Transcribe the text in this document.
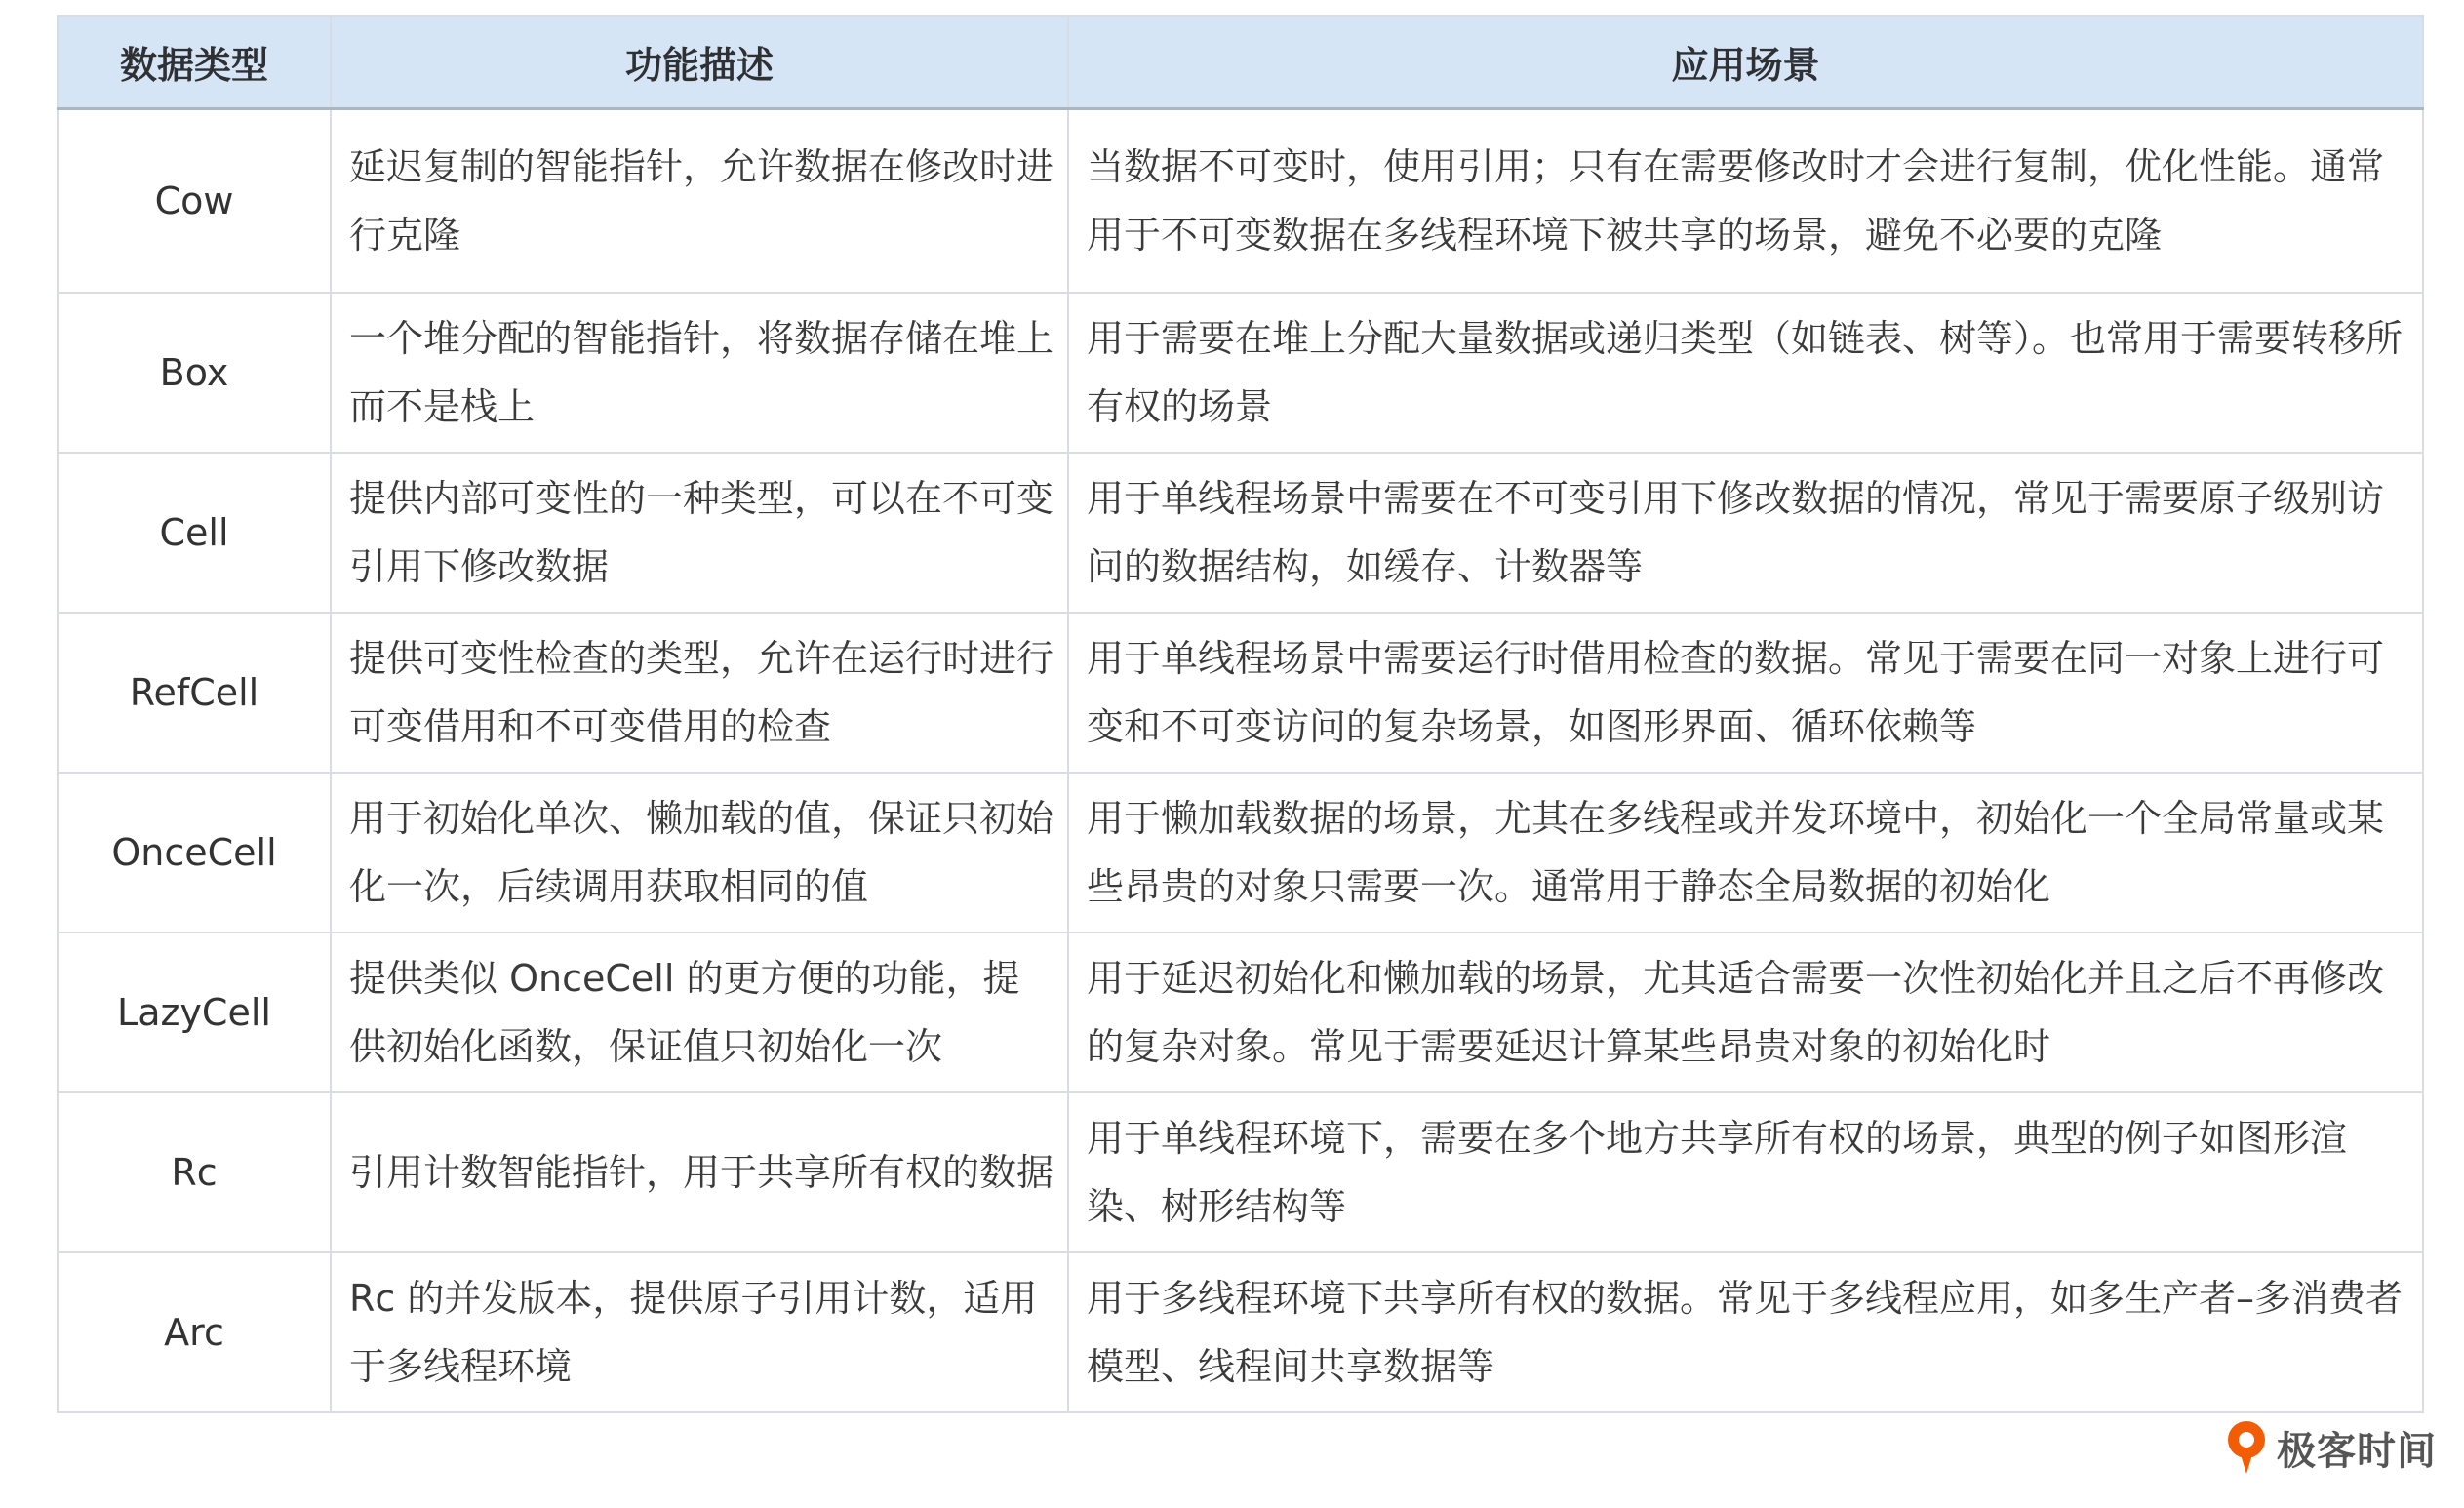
数据类型	功能描述	应用场景
Cow	延迟复制的智能指针，允许数据在修改时进行克隆	当数据不可变时，使用引用；只有在需要修改时才会进行复制，优化性能。通常用于不可变数据在多线程环境下被共享的场景，避免不必要的克隆
Box	一个堆分配的智能指针，将数据存储在堆上而不是栈上	用于需要在堆上分配大量数据或递归类型（如链表、树等）。也常用于需要转移所有权的场景
Cell	提供内部可变性的一种类型，可以在不可变引用下修改数据	用于单线程场景中需要在不可变引用下修改数据的情况，常见于需要原子级别访问的数据结构，如缓存、计数器等
RefCell	提供可变性检查的类型，允许在运行时进行可变借用和不可变借用的检查	用于单线程场景中需要运行时借用检查的数据。常见于需要在同一对象上进行可变和不可变访问的复杂场景，如图形界面、循环依赖等
OnceCell	用于初始化单次、懒加载的值，保证只初始化一次，后续调用获取相同的值	用于懒加载数据的场景，尤其在多线程或并发环境中，初始化一个全局常量或某些昂贵的对象只需要一次。通常用于静态全局数据的初始化
LazyCell	提供类似 OnceCell 的更方便的功能，提供初始化函数，保证值只初始化一次	用于延迟初始化和懒加载的场景，尤其适合需要一次性初始化并且之后不再修改的复杂对象。常见于需要延迟计算某些昂贵对象的初始化时
Rc	引用计数智能指针，用于共享所有权的数据	用于单线程环境下，需要在多个地方共享所有权的场景，典型的例子如图形渲染、树形结构等
Arc	Rc 的并发版本，提供原子引用计数，适用于多线程环境	用于多线程环境下共享所有权的数据。常见于多线程应用，如多生产者–多消费者模型、线程间共享数据等
极客时间
